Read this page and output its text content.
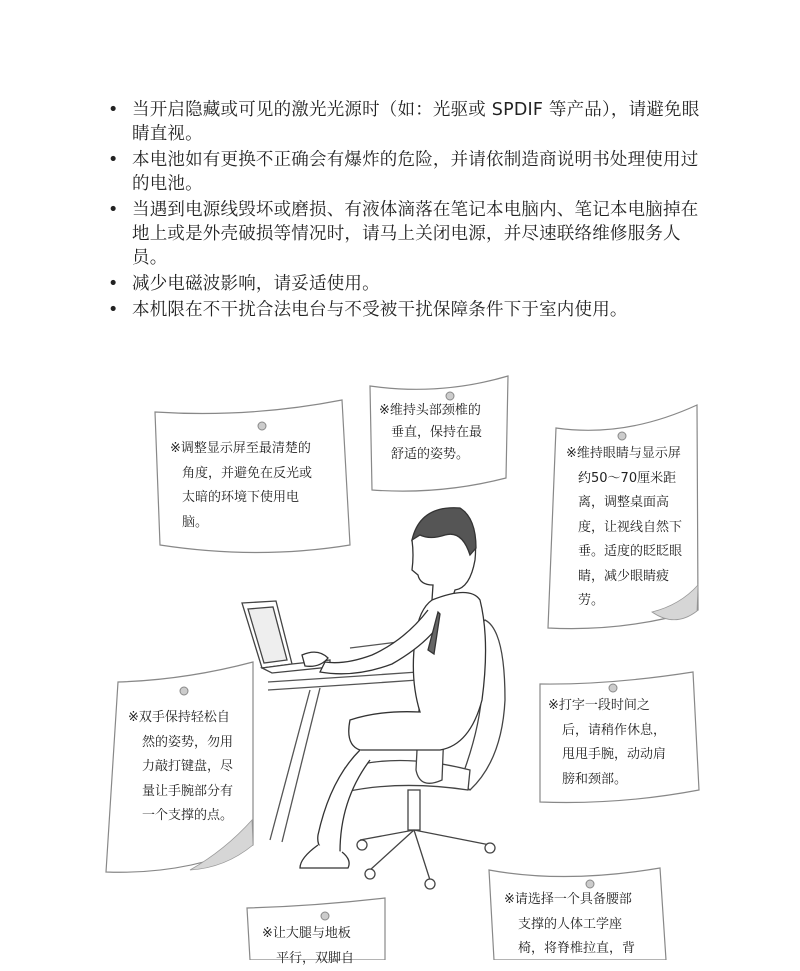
• 当开启隐藏或可见的激光光源时（如：光驱或 SPDIF 等产品），请避免眼睛直视。
• 本电池如有更换不正确会有爆炸的危险，并请依制造商说明书处理使用过的电池。
• 当遇到电源线毁坏或磨损、有液体滴落在笔记本电脑内、笔记本电脑掉在地上或是外壳破损等情况时，请马上关闭电源，并尽速联络维修服务人员。
• 减少电磁波影响，请妥适使用。
• 本机限在不干扰合法电台与不受被干扰保障条件下于室内使用。
※调整显示屏至最清楚的
角度，并避免在反光或
太暗的环境下使用电
脑。
※维持头部颈椎的
垂直，保持在最
舒适的姿势。	※维持眼睛与显示屏
约50～70厘米距
离，调整桌面高
度，让视线自然下
垂。适度的眨眨眼
睛，减少眼睛疲
劳。
※双手保持轻松自
然的姿势，勿用
力敲打键盘，尽
量让手腕部分有
一个支撑的点。
※打字一段时间之
后，请稍作休息，
甩甩手腕，动动肩
膀和颈部。
※让大腿与地板
平行，双脚自
※请选择一个具备腰部
支撑的人体工学座
椅，将脊椎拉直，背
